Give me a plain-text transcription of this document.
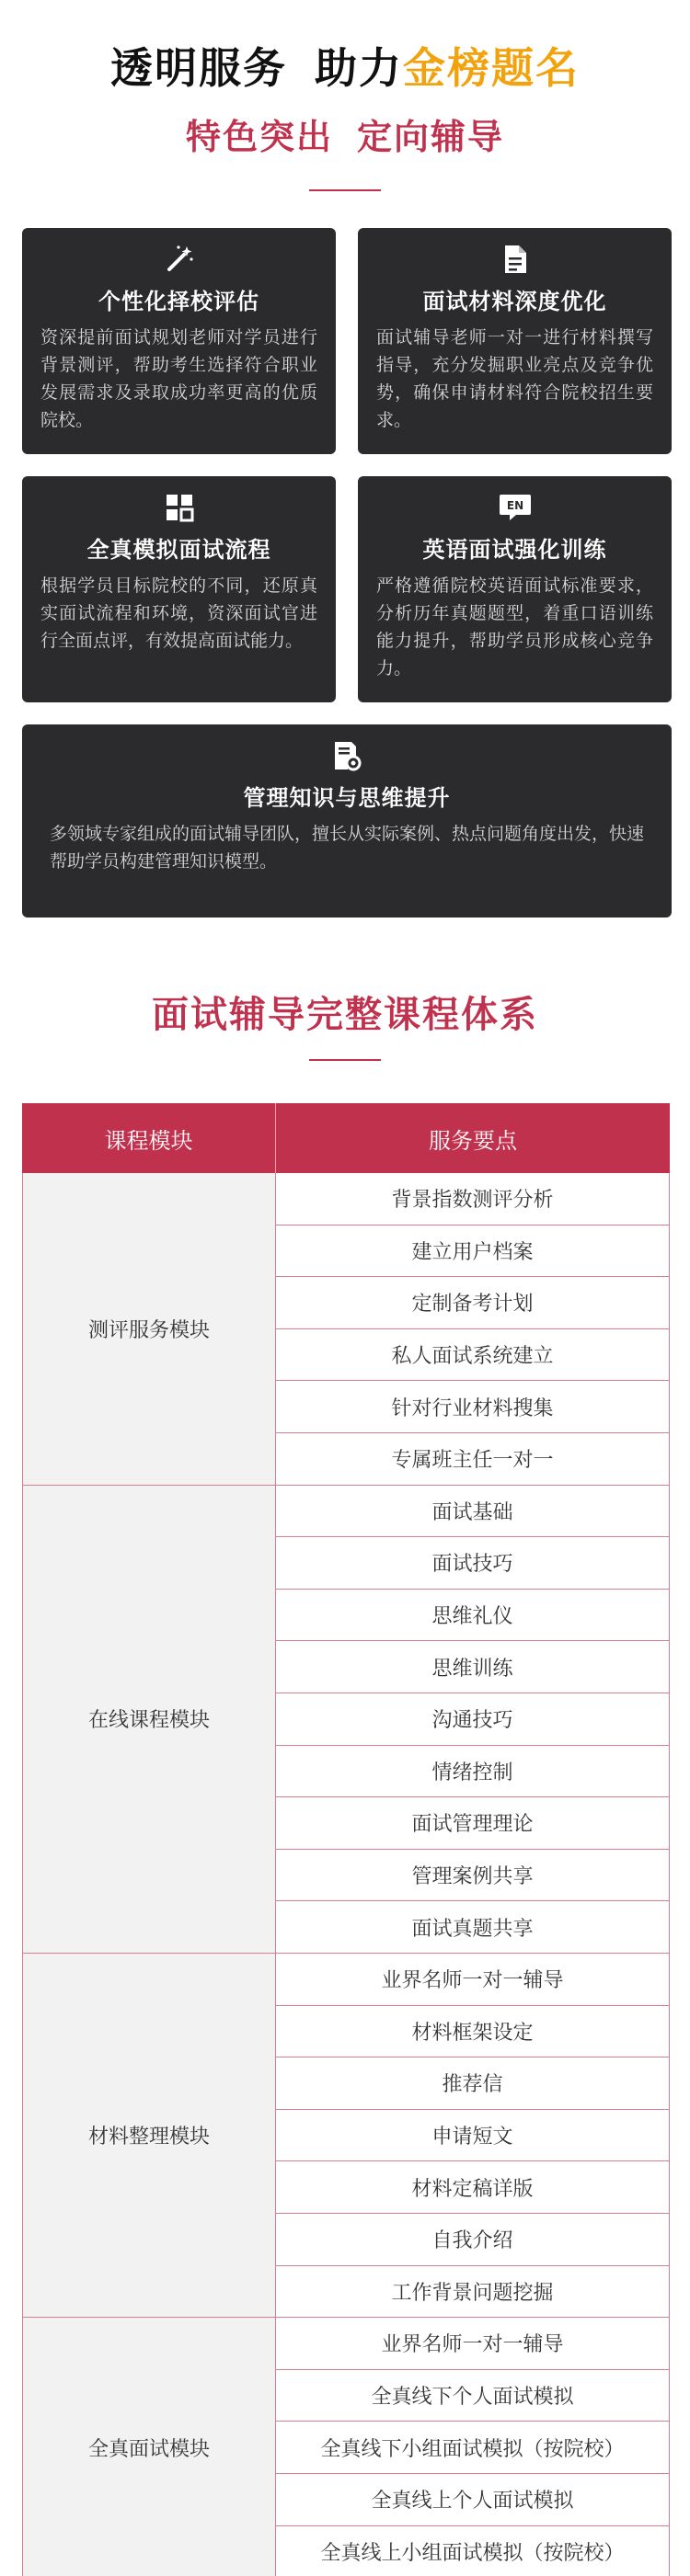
透明服务 助力金榜题名
特色突出 定向辅导
个性化择校评估
资深提前面试规划老师对学员进行背景测评，帮助考生选择符合职业发展需求及录取成功率更高的优质院校。
面试材料深度优化
面试辅导老师一对一进行材料撰写指导，充分发掘职业亮点及竞争优势，确保申请材料符合院校招生要求。
全真模拟面试流程
根据学员目标院校的不同，还原真实面试流程和环境，资深面试官进行全面点评，有效提高面试能力。
EN
英语面试强化训练
严格遵循院校英语面试标准要求，分析历年真题题型，着重口语训练能力提升，帮助学员形成核心竞争力。
管理知识与思维提升
多领域专家组成的面试辅导团队，擅长从实际案例、热点问题角度出发，快速帮助学员构建管理知识模型。
面试辅导完整课程体系
课程模块	服务要点
测评服务模块
背景指数测评分析
建立用户档案
定制备考计划
私人面试系统建立
针对行业材料搜集
专属班主任一对一
在线课程模块
面试基础
面试技巧
思维礼仪
思维训练
沟通技巧
情绪控制
面试管理理论
管理案例共享
面试真题共享
材料整理模块
业界名师一对一辅导
材料框架设定
推荐信
申请短文
材料定稿详版
自我介绍
工作背景问题挖掘
全真面试模块
业界名师一对一辅导
全真线下个人面试模拟
全真线下小组面试模拟（按院校）
全真线上个人面试模拟
全真线上小组面试模拟（按院校）
